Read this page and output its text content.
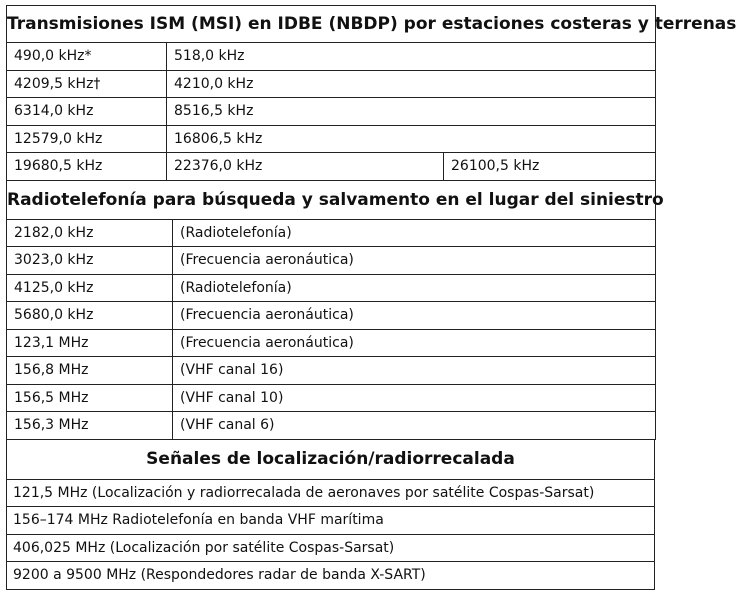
Transmisiones ISM (MSI) en IDBE (NBDP) por estaciones costeras y terrenas		
490,0 kHz*	518,0 kHz	
4209,5 kHz†	4210,0 kHz	
6314,0 kHz	8516,5 kHz	
12579,0 kHz	16806,5 kHz	
19680,5 kHz	22376,0 kHz	26100,5 kHz
Radiotelefonía para búsqueda y salvamento en el lugar del siniestro	
2182,0 kHz	(Radiotelefonía)
3023,0 kHz	(Frecuencia aeronáutica)
4125,0 kHz	(Radiotelefonía)
5680,0 kHz	(Frecuencia aeronáutica)
123,1 MHz	(Frecuencia aeronáutica)
156,8 MHz	(VHF canal 16)
156,5 MHz	(VHF canal 10)
156,3 MHz	(VHF canal 6)
Señales de localización/radiorrecalada
121,5 MHz (Localización y radiorrecalada de aeronaves por satélite Cospas-Sarsat)
156–174 MHz Radiotelefonía en banda VHF marítima
406,025 MHz (Localización por satélite Cospas-Sarsat)
9200 a 9500 MHz (Respondedores radar de banda X-SART)
